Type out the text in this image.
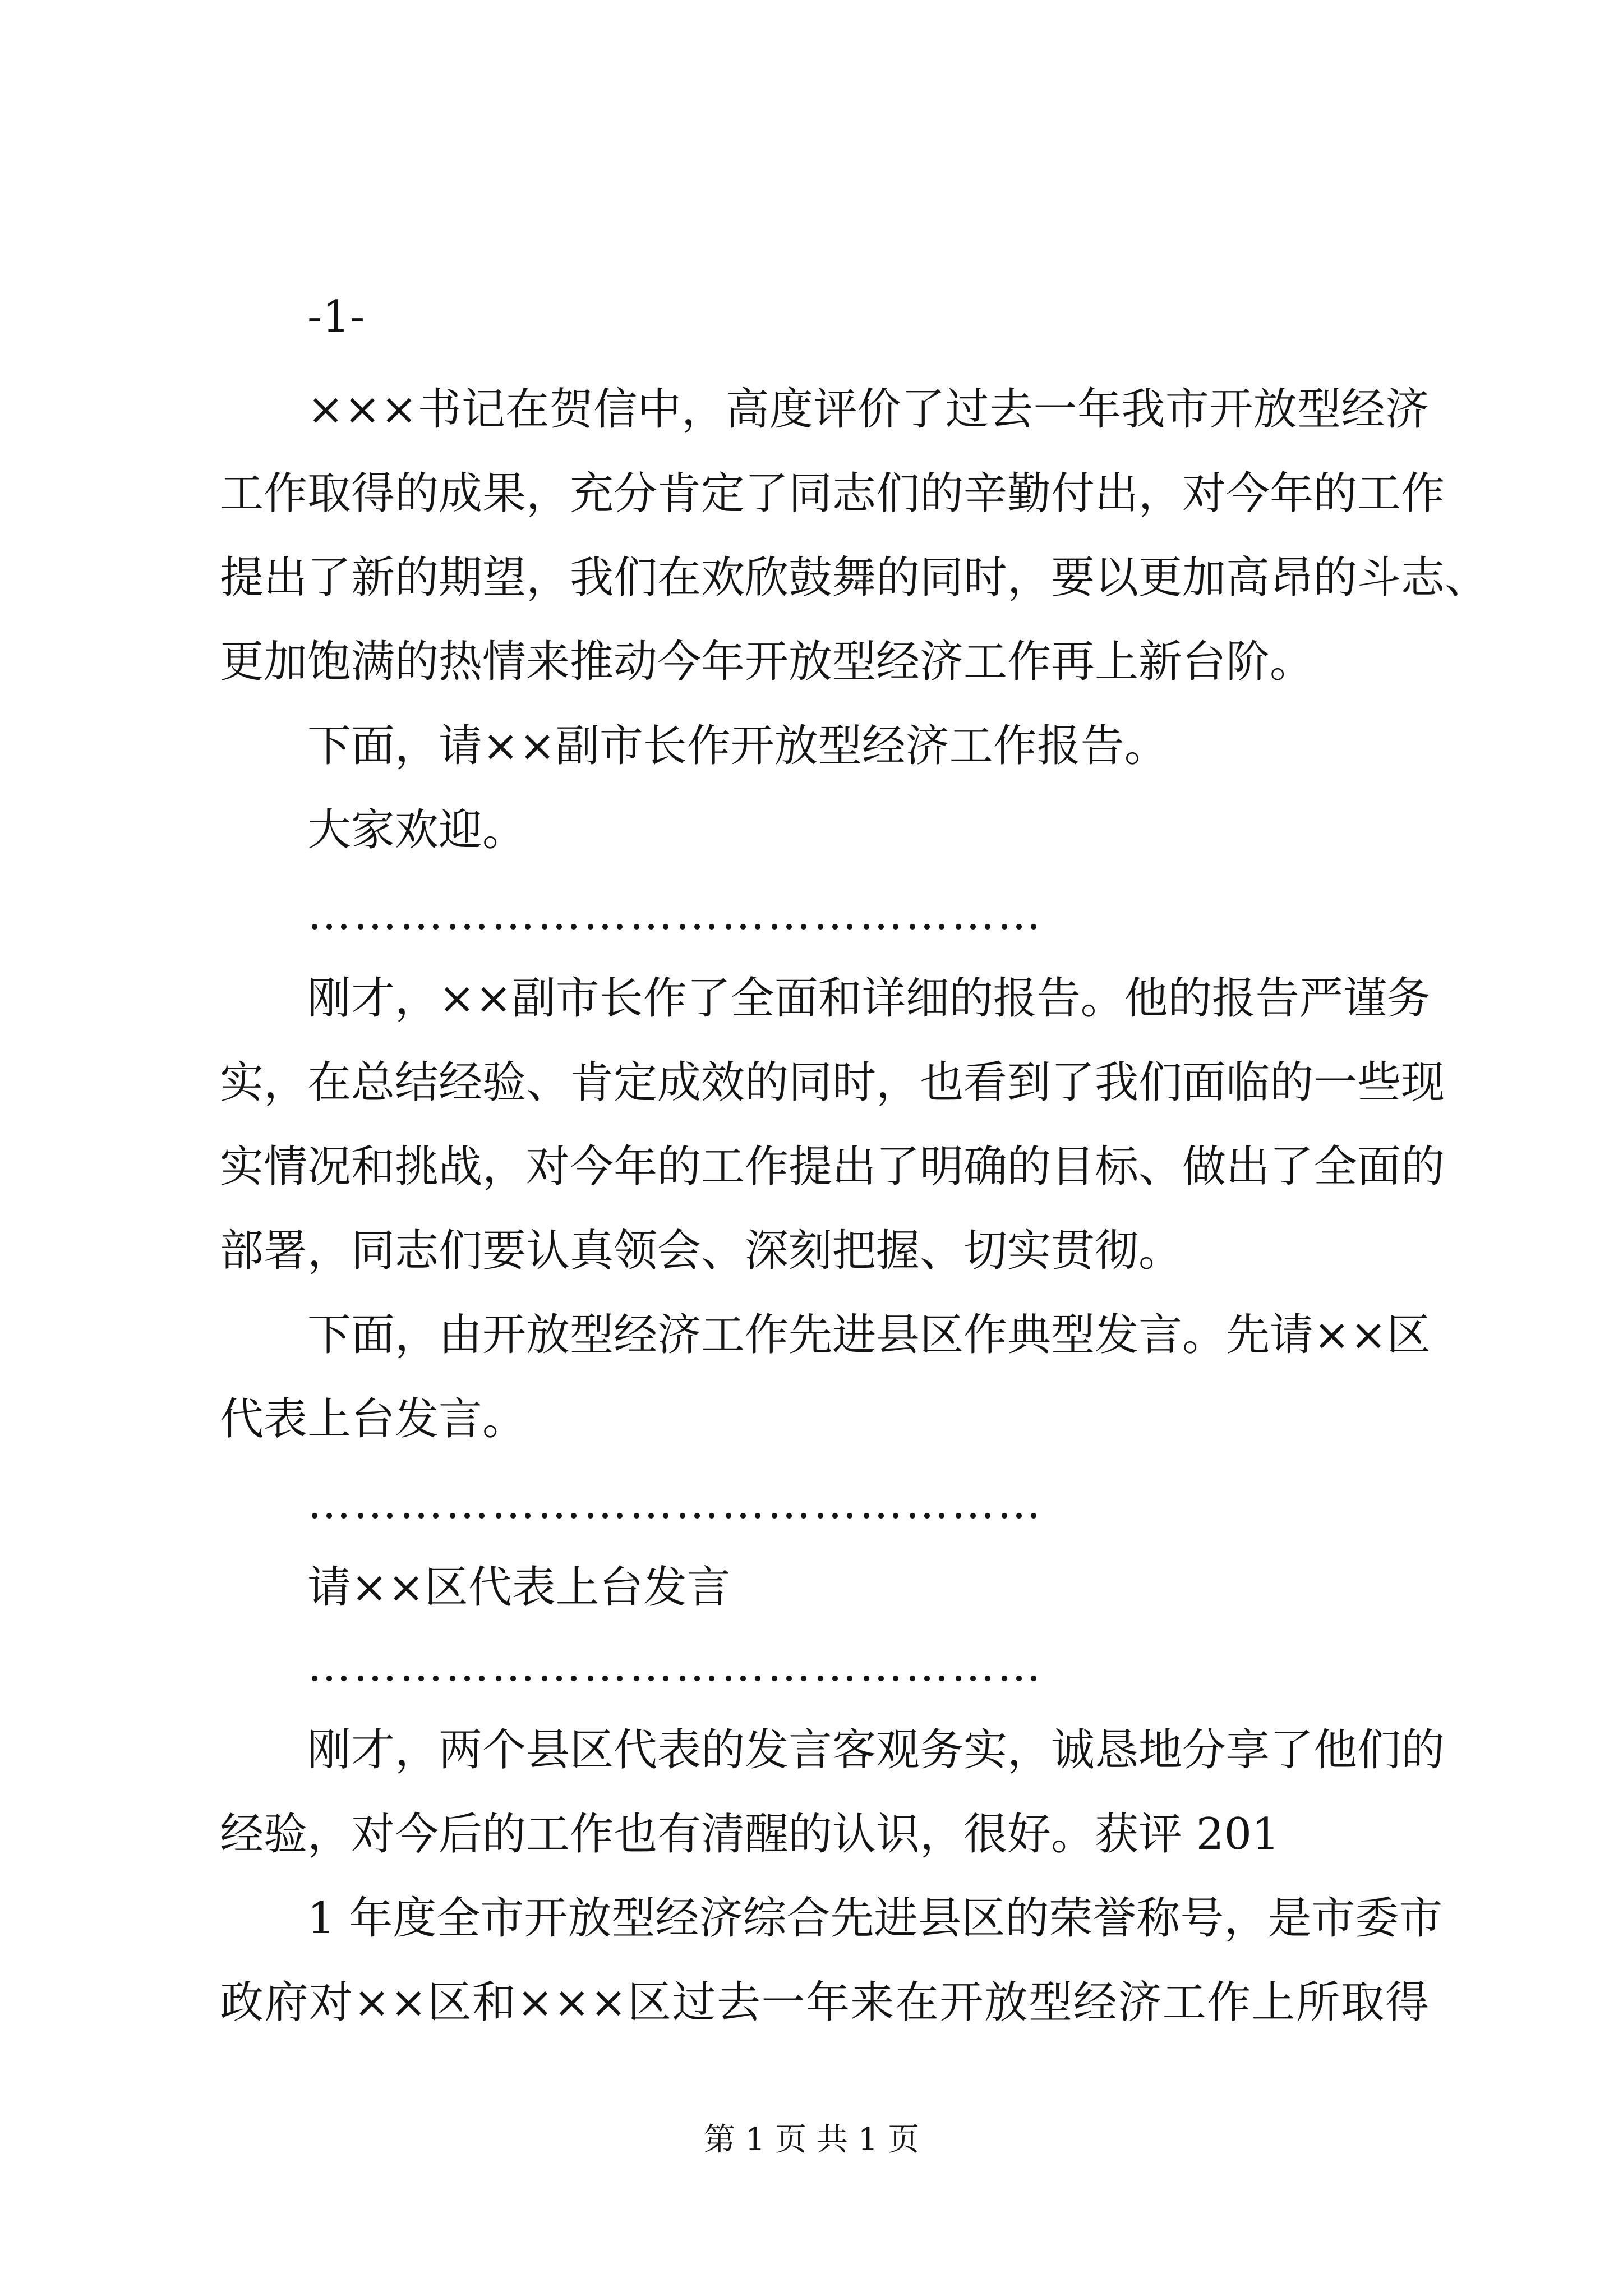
-1-
×××书记在贺信中，高度评价了过去一年我市开放型经济
工作取得的成果，充分肯定了同志们的辛勤付出，对今年的工作
提出了新的期望，我们在欢欣鼓舞的同时，要以更加高昂的斗志、
更加饱满的热情来推动今年开放型经济工作再上新台阶。
下面，请××副市长作开放型经济工作报告。
大家欢迎。
…………………………………………
刚才，××副市长作了全面和详细的报告。他的报告严谨务
实，在总结经验、肯定成效的同时，也看到了我们面临的一些现
实情况和挑战，对今年的工作提出了明确的目标、做出了全面的
部署，同志们要认真领会、深刻把握、切实贯彻。
下面，由开放型经济工作先进县区作典型发言。先请××区
代表上台发言。
…………………………………………
请××区代表上台发言
…………………………………………
刚才，两个县区代表的发言客观务实，诚恳地分享了他们的
经验，对今后的工作也有清醒的认识，很好。获评 201
1 年度全市开放型经济综合先进县区的荣誉称号，是市委市
政府对××区和×××区过去一年来在开放型经济工作上所取得
第 1 页 共 1 页
